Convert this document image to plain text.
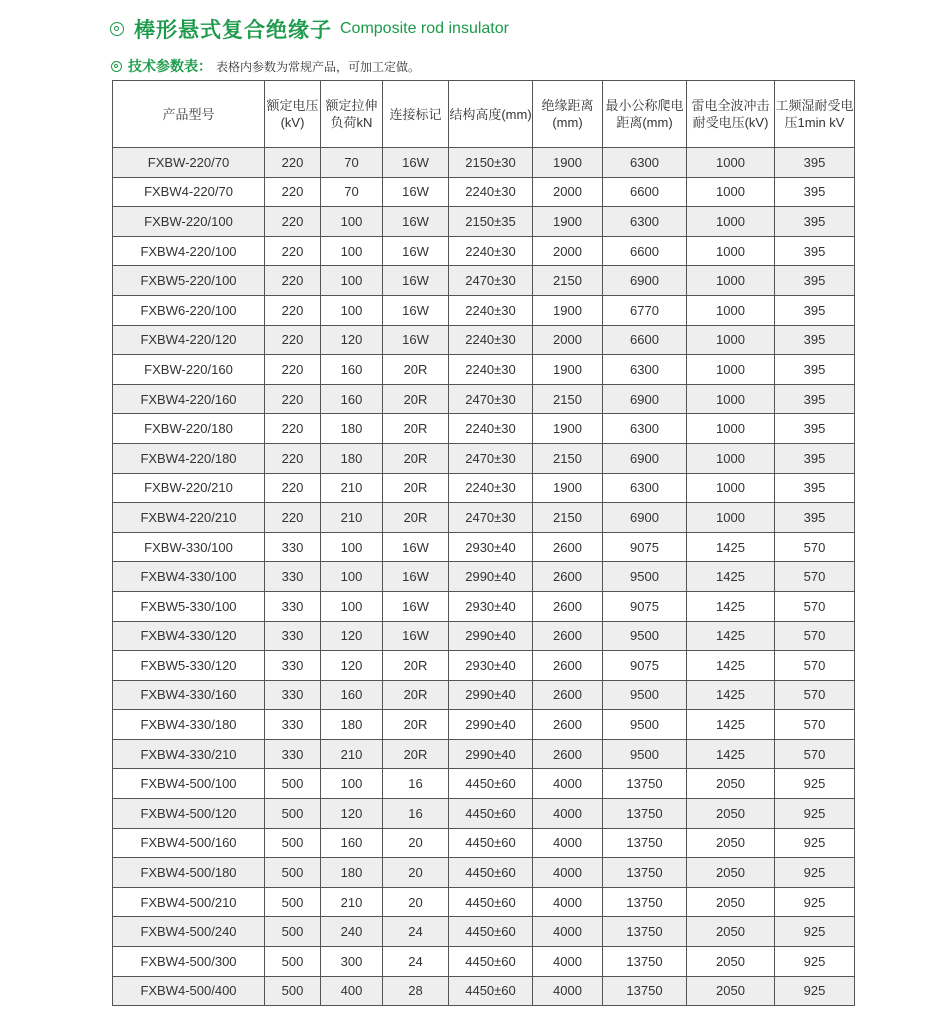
棒形悬式复合绝缘子 Composite rod insulator
技术参数表： 表格内参数为常规产品，可加工定做。
产品型号	额定电压(kV)	额定拉伸负荷kN	连接标记	结构高度(mm)	绝缘距离(mm)	最小公称爬电距离(mm)	雷电全波冲击耐受电压(kV)	工频湿耐受电压1min kV
FXBW-220/70	220	70	16W	2150±30	1900	6300	1000	395
FXBW4-220/70	220	70	16W	2240±30	2000	6600	1000	395
FXBW-220/100	220	100	16W	2150±35	1900	6300	1000	395
FXBW4-220/100	220	100	16W	2240±30	2000	6600	1000	395
FXBW5-220/100	220	100	16W	2470±30	2150	6900	1000	395
FXBW6-220/100	220	100	16W	2240±30	1900	6770	1000	395
FXBW4-220/120	220	120	16W	2240±30	2000	6600	1000	395
FXBW-220/160	220	160	20R	2240±30	1900	6300	1000	395
FXBW4-220/160	220	160	20R	2470±30	2150	6900	1000	395
FXBW-220/180	220	180	20R	2240±30	1900	6300	1000	395
FXBW4-220/180	220	180	20R	2470±30	2150	6900	1000	395
FXBW-220/210	220	210	20R	2240±30	1900	6300	1000	395
FXBW4-220/210	220	210	20R	2470±30	2150	6900	1000	395
FXBW-330/100	330	100	16W	2930±40	2600	9075	1425	570
FXBW4-330/100	330	100	16W	2990±40	2600	9500	1425	570
FXBW5-330/100	330	100	16W	2930±40	2600	9075	1425	570
FXBW4-330/120	330	120	16W	2990±40	2600	9500	1425	570
FXBW5-330/120	330	120	20R	2930±40	2600	9075	1425	570
FXBW4-330/160	330	160	20R	2990±40	2600	9500	1425	570
FXBW4-330/180	330	180	20R	2990±40	2600	9500	1425	570
FXBW4-330/210	330	210	20R	2990±40	2600	9500	1425	570
FXBW4-500/100	500	100	16	4450±60	4000	13750	2050	925
FXBW4-500/120	500	120	16	4450±60	4000	13750	2050	925
FXBW4-500/160	500	160	20	4450±60	4000	13750	2050	925
FXBW4-500/180	500	180	20	4450±60	4000	13750	2050	925
FXBW4-500/210	500	210	20	4450±60	4000	13750	2050	925
FXBW4-500/240	500	240	24	4450±60	4000	13750	2050	925
FXBW4-500/300	500	300	24	4450±60	4000	13750	2050	925
FXBW4-500/400	500	400	28	4450±60	4000	13750	2050	925
